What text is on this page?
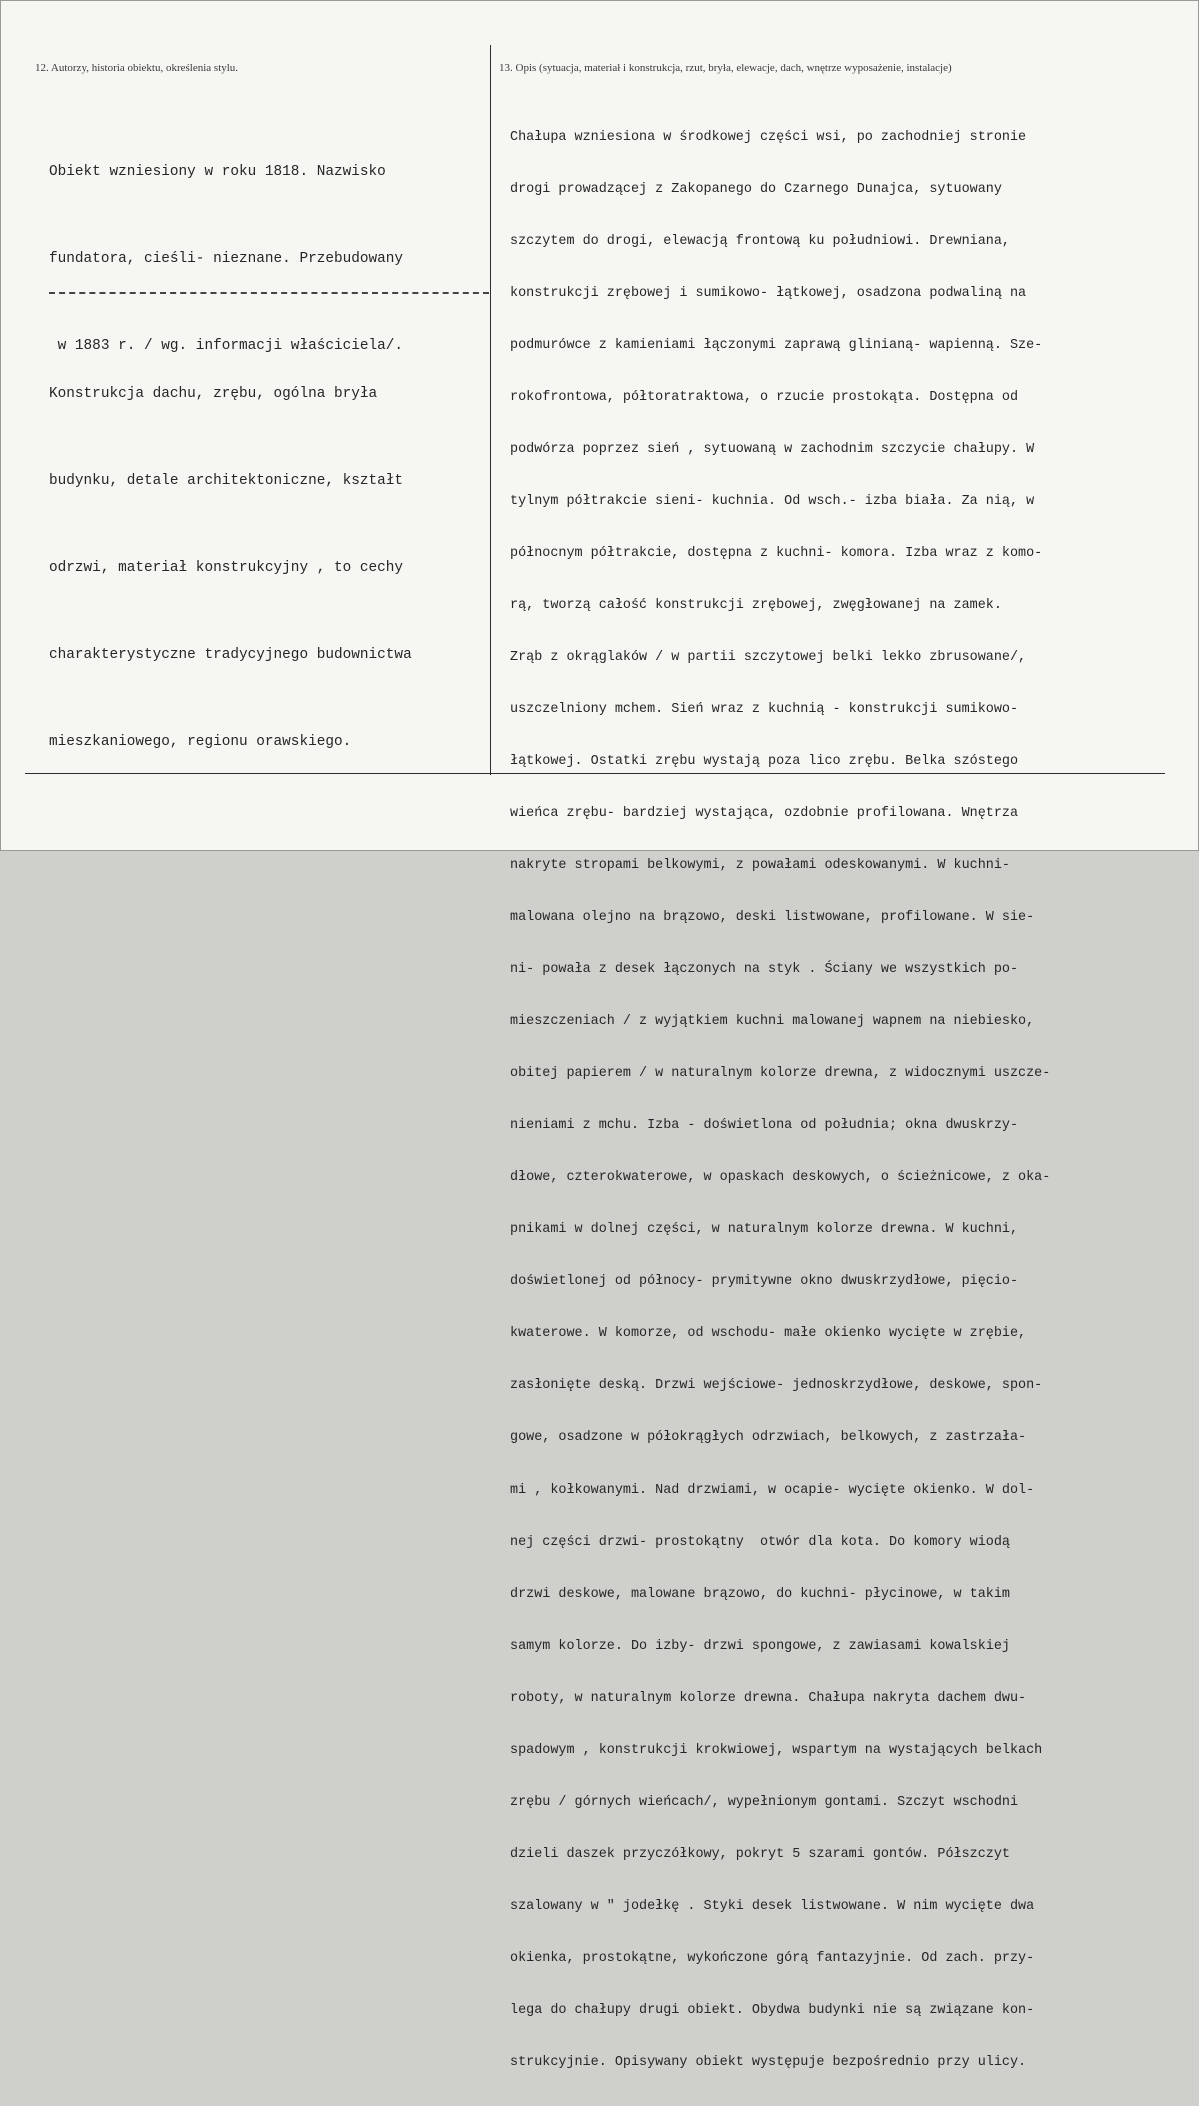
12. Autorzy, historia obiektu, określenia stylu.	13. Opis (sytuacja, materiał i konstrukcja, rzut, bryła, elewacje, dach, wnętrze wyposażenie, instalacje)

Obiekt wzniesiony w roku 1818. Nazwisko

fundatora, cieśli- nieznane. Przebudowany

w 1883 r. / wg. informacji właściciela/.

Konstrukcja dachu, zrębu, ogólna bryła

budynku, detale architektoniczne, kształt

odrzwi, materiał konstrukcyjny , to cechy

charakterystyczne tradycyjnego budownictwa

mieszkaniowego, regionu orawskiego.

Chałupa wzniesiona w środkowej części wsi, po zachodniej stronie

drogi prowadzącej z Zakopanego do Czarnego Dunajca, sytuowany

szczytem do drogi, elewacją frontową ku południowi. Drewniana,

konstrukcji zrębowej i sumikowo- łątkowej, osadzona podwaliną na

podmurówce z kamieniami łączonymi zaprawą glinianą- wapienną. Sze-

rokofrontowa, półtoratraktowa, o rzucie prostokąta. Dostępna od

podwórza poprzez sień , sytuowaną w zachodnim szczycie chałupy. W

tylnym półtrakcie sieni- kuchnia. Od wsch.- izba biała. Za nią, w

północnym półtrakcie, dostępna z kuchni- komora. Izba wraz z komo-

rą, tworzą całość konstrukcji zrębowej, zwęgłowanej na zamek.

Zrąb z okrąglaków / w partii szczytowej belki lekko zbrusowane/,

uszczelniony mchem. Sień wraz z kuchnią - konstrukcji sumikowo-

łątkowej. Ostatki zrębu wystają poza lico zrębu. Belka szóstego

wieńca zrębu- bardziej wystająca, ozdobnie profilowana. Wnętrza

nakryte stropami belkowymi, z powałami odeskowanymi. W kuchni-

malowana olejno na brązowo, deski listwowane, profilowane. W sie-

ni- powała z desek łączonych na styk . Ściany we wszystkich po-

mieszczeniach / z wyjątkiem kuchni malowanej wapnem na niebiesko,

obitej papierem / w naturalnym kolorze drewna, z widocznymi uszcze-

nieniami z mchu. Izba - doświetlona od południa; okna dwuskrzy-

dłowe, czterokwaterowe, w opaskach deskowych, o ścieżnicowe, z oka-

pnikami w dolnej części, w naturalnym kolorze drewna. W kuchni,

doświetlonej od północy- prymitywne okno dwuskrzydłowe, pięcio-

kwaterowe. W komorze, od wschodu- małe okienko wycięte w zrębie,

zasłonięte deską. Drzwi wejściowe- jednoskrzydłowe, deskowe, spon-

gowe, osadzone w półokrągłych odrzwiach, belkowych, z zastrzała-

mi , kołkowanymi. Nad drzwiami, w ocapie- wycięte okienko. W dol-

nej części drzwi- prostokątny  otwór dla kota. Do komory wiodą

drzwi deskowe, malowane brązowo, do kuchni- płycinowe, w takim

samym kolorze. Do izby- drzwi spongowe, z zawiasami kowalskiej

roboty, w naturalnym kolorze drewna. Chałupa nakryta dachem dwu-

spadowym , konstrukcji krokwiowej, wspartym na wystających belkach

zrębu / górnych wieńcach/, wypełnionym gontami. Szczyt wschodni

dzieli daszek przyczółkowy, pokryt 5 szarami gontów. Półszczyt

szalowany w " jodełkę . Styki desek listwowane. W nim wycięte dwa

okienka, prostokątne, wykończone górą fantazyjnie. Od zach. przy-

lega do chałupy drugi obiekt. Obydwa budynki nie są związane kon-

strukcyjnie. Opisywany obiekt występuje bezpośrednio przy ulicy.
